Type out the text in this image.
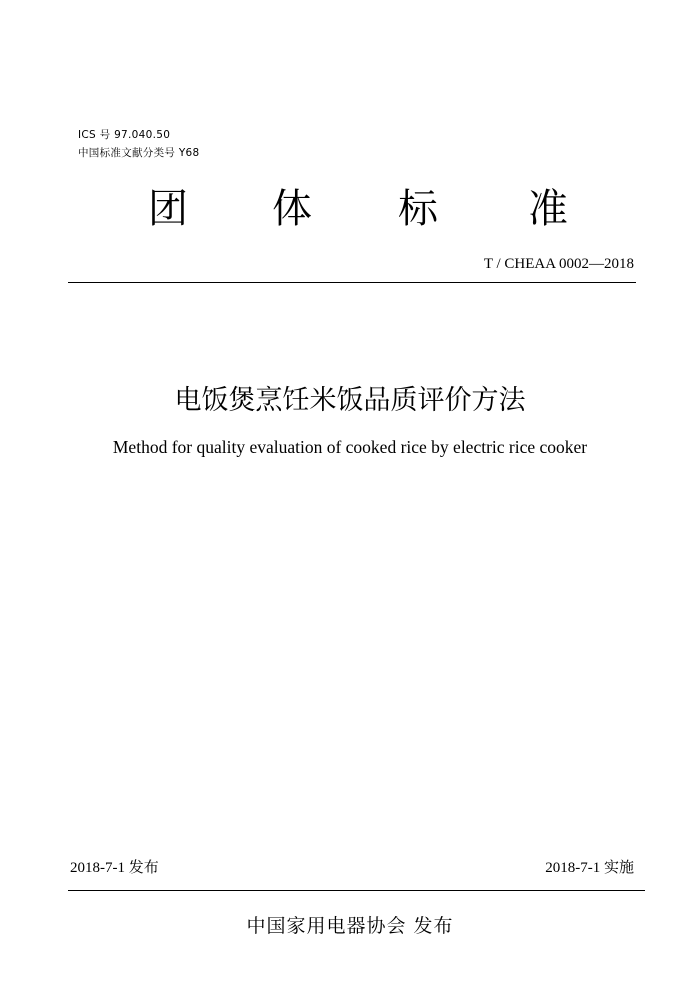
ICS 号 97.040.50
中国标准文献分类号 Y68
团 体 标 准
T / CHEAA 0002—2018
电饭煲烹饪米饭品质评价方法
Method for quality evaluation of cooked rice by electric rice cooker
2018-7-1 发布	2018-7-1 实施
中国家用电器协会 发布
